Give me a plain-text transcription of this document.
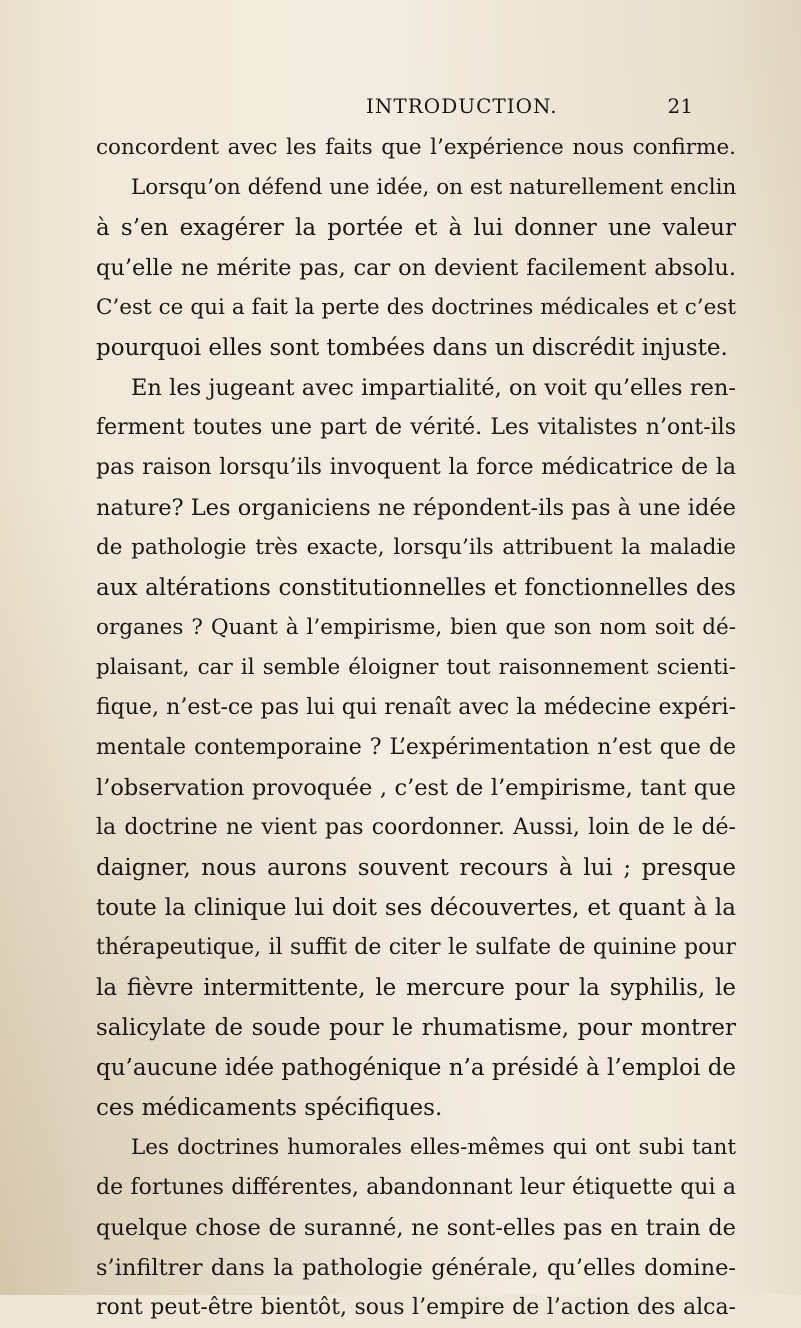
INTRODUCTION.	21
concordent avec les faits que l’expérience nous confirme.
Lorsqu’on défend une idée, on est naturellement enclin
à s’en exagérer la portée et à lui donner une valeur
qu’elle ne mérite pas, car on devient facilement absolu.
C’est ce qui a fait la perte des doctrines médicales et c’est
pourquoi elles sont tombées dans un discrédit injuste.
En les jugeant avec impartialité, on voit qu’elles ren-
ferment toutes une part de vérité. Les vitalistes n’ont-ils
pas raison lorsqu’ils invoquent la force médicatrice de la
nature? Les organiciens ne répondent-ils pas à une idée
de pathologie très exacte, lorsqu’ils attribuent la maladie
aux altérations constitutionnelles et fonctionnelles des
organes ? Quant à l’empirisme, bien que son nom soit dé-
plaisant, car il semble éloigner tout raisonnement scienti-
fique, n’est-ce pas lui qui renaît avec la médecine expéri-
mentale contemporaine ? L’expérimentation n’est que de
l’observation provoquée , c’est de l’empirisme, tant que
la doctrine ne vient pas coordonner. Aussi, loin de le dé-
daigner, nous aurons souvent recours à lui ; presque
toute la clinique lui doit ses découvertes, et quant à la
thérapeutique, il suffit de citer le sulfate de quinine pour
la fièvre intermittente, le mercure pour la syphilis, le
salicylate de soude pour le rhumatisme, pour montrer
qu’aucune idée pathogénique n’a présidé à l’emploi de
ces médicaments spécifiques.
Les doctrines humorales elles-mêmes qui ont subi tant
de fortunes différentes, abandonnant leur étiquette qui a
quelque chose de suranné, ne sont-elles pas en train de
s’infiltrer dans la pathologie générale, qu’elles domine-
ront peut-être bientôt, sous l’empire de l’action des alca-
